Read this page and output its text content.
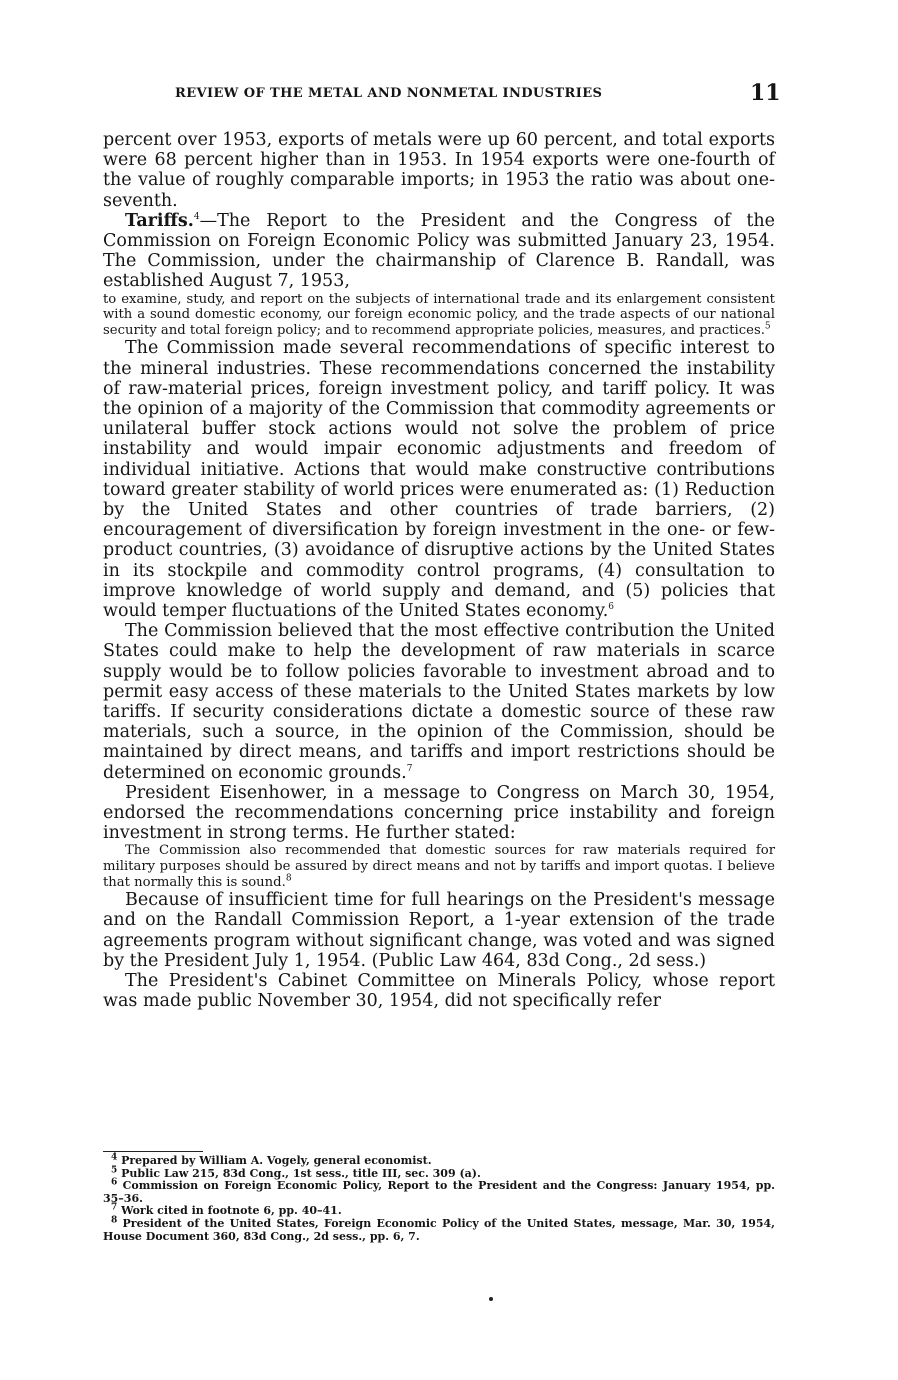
REVIEW OF THE METAL AND NONMETAL INDUSTRIES	11

percent over 1953, exports of metals were up 60 percent, and total exports were 68 percent higher than in 1953. In 1954 exports were one-fourth of the value of roughly comparable imports; in 1953 the ratio was about one-seventh.

Tariffs.$^4$—The Report to the President and the Congress of the Commission on Foreign Economic Policy was submitted January 23, 1954. The Commission, under the chairmanship of Clarence B. Randall, was established August 7, 1953,

to examine, study, and report on the subjects of international trade and its enlargement consistent with a sound domestic economy, our foreign economic policy, and the trade aspects of our national security and total foreign policy; and to recommend appropriate policies, measures, and practices.$^5$

The Commission made several recommendations of specific interest to the mineral industries. These recommendations concerned the instability of raw-material prices, foreign investment policy, and tariff policy. It was the opinion of a majority of the Commission that commodity agreements or unilateral buffer stock actions would not solve the problem of price instability and would impair economic adjustments and freedom of individual initiative. Actions that would make constructive contributions toward greater stability of world prices were enumerated as: (1) Reduction by the United States and other countries of trade barriers, (2) encouragement of diversification by foreign investment in the one- or few-product countries, (3) avoidance of disruptive actions by the United States in its stockpile and commodity control programs, (4) consultation to improve knowledge of world supply and demand, and (5) policies that would temper fluctuations of the United States economy.$^6$

The Commission believed that the most effective contribution the United States could make to help the development of raw materials in scarce supply would be to follow policies favorable to investment abroad and to permit easy access of these materials to the United States markets by low tariffs. If security considerations dictate a domestic source of these raw materials, such a source, in the opinion of the Commission, should be maintained by direct means, and tariffs and import restrictions should be determined on economic grounds.$^7$

President Eisenhower, in a message to Congress on March 30, 1954, endorsed the recommendations concerning price instability and foreign investment in strong terms. He further stated:

The Commission also recommended that domestic sources for raw materials required for military purposes should be assured by direct means and not by tariffs and import quotas. I believe that normally this is sound.$^8$

Because of insufficient time for full hearings on the President's message and on the Randall Commission Report, a 1-year extension of the trade agreements program without significant change, was voted and was signed by the President July 1, 1954. (Public Law 464, 83d Cong., 2d sess.)

The President's Cabinet Committee on Minerals Policy, whose report was made public November 30, 1954, did not specifically refer

$^4$ Prepared by William A. Vogely, general economist.

$^5$ Public Law 215, 83d Cong., 1st sess., title III, sec. 309 (a).

$^6$ Commission on Foreign Economic Policy, Report to the President and the Congress: January 1954, pp. 35–36.

$^7$ Work cited in footnote 6, pp. 40–41.

$^8$ President of the United States, Foreign Economic Policy of the United States, message, Mar. 30, 1954, House Document 360, 83d Cong., 2d sess., pp. 6, 7.
